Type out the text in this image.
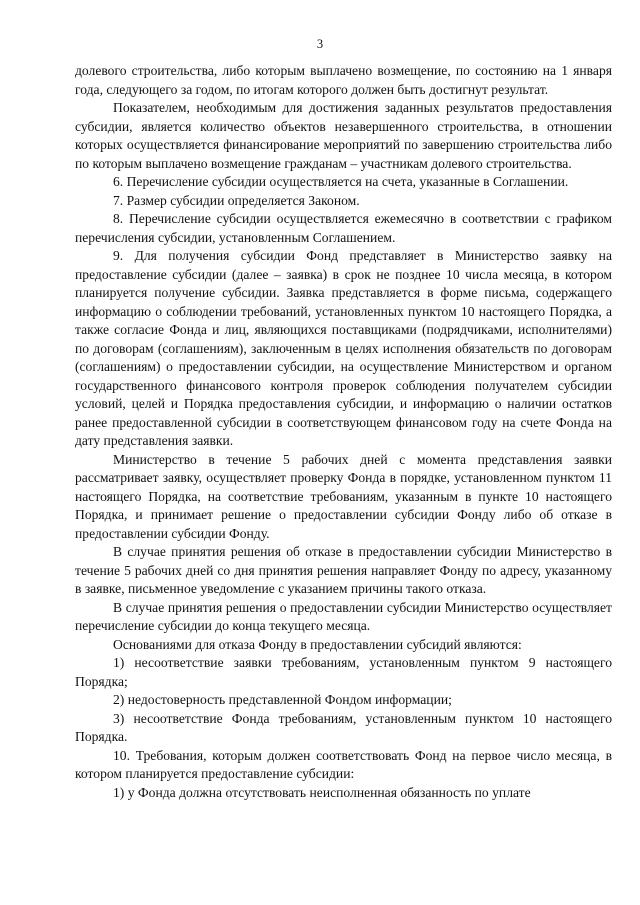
3

долевого строительства, либо которым выплачено возмещение, по состоянию на 1 января года, следующего за годом, по итогам которого должен быть достигнут результат.

Показателем, необходимым для достижения заданных результатов предоставления субсидии, является количество объектов незавершенного строительства, в отношении которых осуществляется финансирование мероприятий по завершению строительства либо по которым выплачено возмещение гражданам – участникам долевого строительства.

6. Перечисление субсидии осуществляется на счета, указанные в Соглашении.

7. Размер субсидии определяется Законом.

8. Перечисление субсидии осуществляется ежемесячно в соответствии с графиком перечисления субсидии, установленным Соглашением.

9. Для получения субсидии Фонд представляет в Министерство заявку на предоставление субсидии (далее – заявка) в срок не позднее 10 числа месяца, в котором планируется получение субсидии. Заявка представляется в форме письма, содержащего информацию о соблюдении требований, установленных пунктом 10 настоящего Порядка, а также согласие Фонда и лиц, являющихся поставщиками (подрядчиками, исполнителями) по договорам (соглашениям), заключенным в целях исполнения обязательств по договорам (соглашениям) о предоставлении субсидии, на осуществление Министерством и органом государственного финансового контроля проверок соблюдения получателем субсидии условий, целей и Порядка предоставления субсидии, и информацию о наличии остатков ранее предоставленной субсидии в соответствующем финансовом году на счете Фонда на дату представления заявки.

Министерство в течение 5 рабочих дней с момента представления заявки рассматривает заявку, осуществляет проверку Фонда в порядке, установленном пунктом 11 настоящего Порядка, на соответствие требованиям, указанным в пункте 10 настоящего Порядка, и принимает решение о предоставлении субсидии Фонду либо об отказе в предоставлении субсидии Фонду.

В случае принятия решения об отказе в предоставлении субсидии Министерство в течение 5 рабочих дней со дня принятия решения направляет Фонду по адресу, указанному в заявке, письменное уведомление с указанием причины такого отказа.

В случае принятия решения о предоставлении субсидии Министерство осуществляет перечисление субсидии до конца текущего месяца.

Основаниями для отказа Фонду в предоставлении субсидий являются:

1) несоответствие заявки требованиям, установленным пунктом 9 настоящего Порядка;

2) недостоверность представленной Фондом информации;

3) несоответствие Фонда требованиям, установленным пунктом 10 настоящего Порядка.

10. Требования, которым должен соответствовать Фонд на первое число месяца, в котором планируется предоставление субсидии:

1) у Фонда должна отсутствовать неисполненная обязанность по уплате
